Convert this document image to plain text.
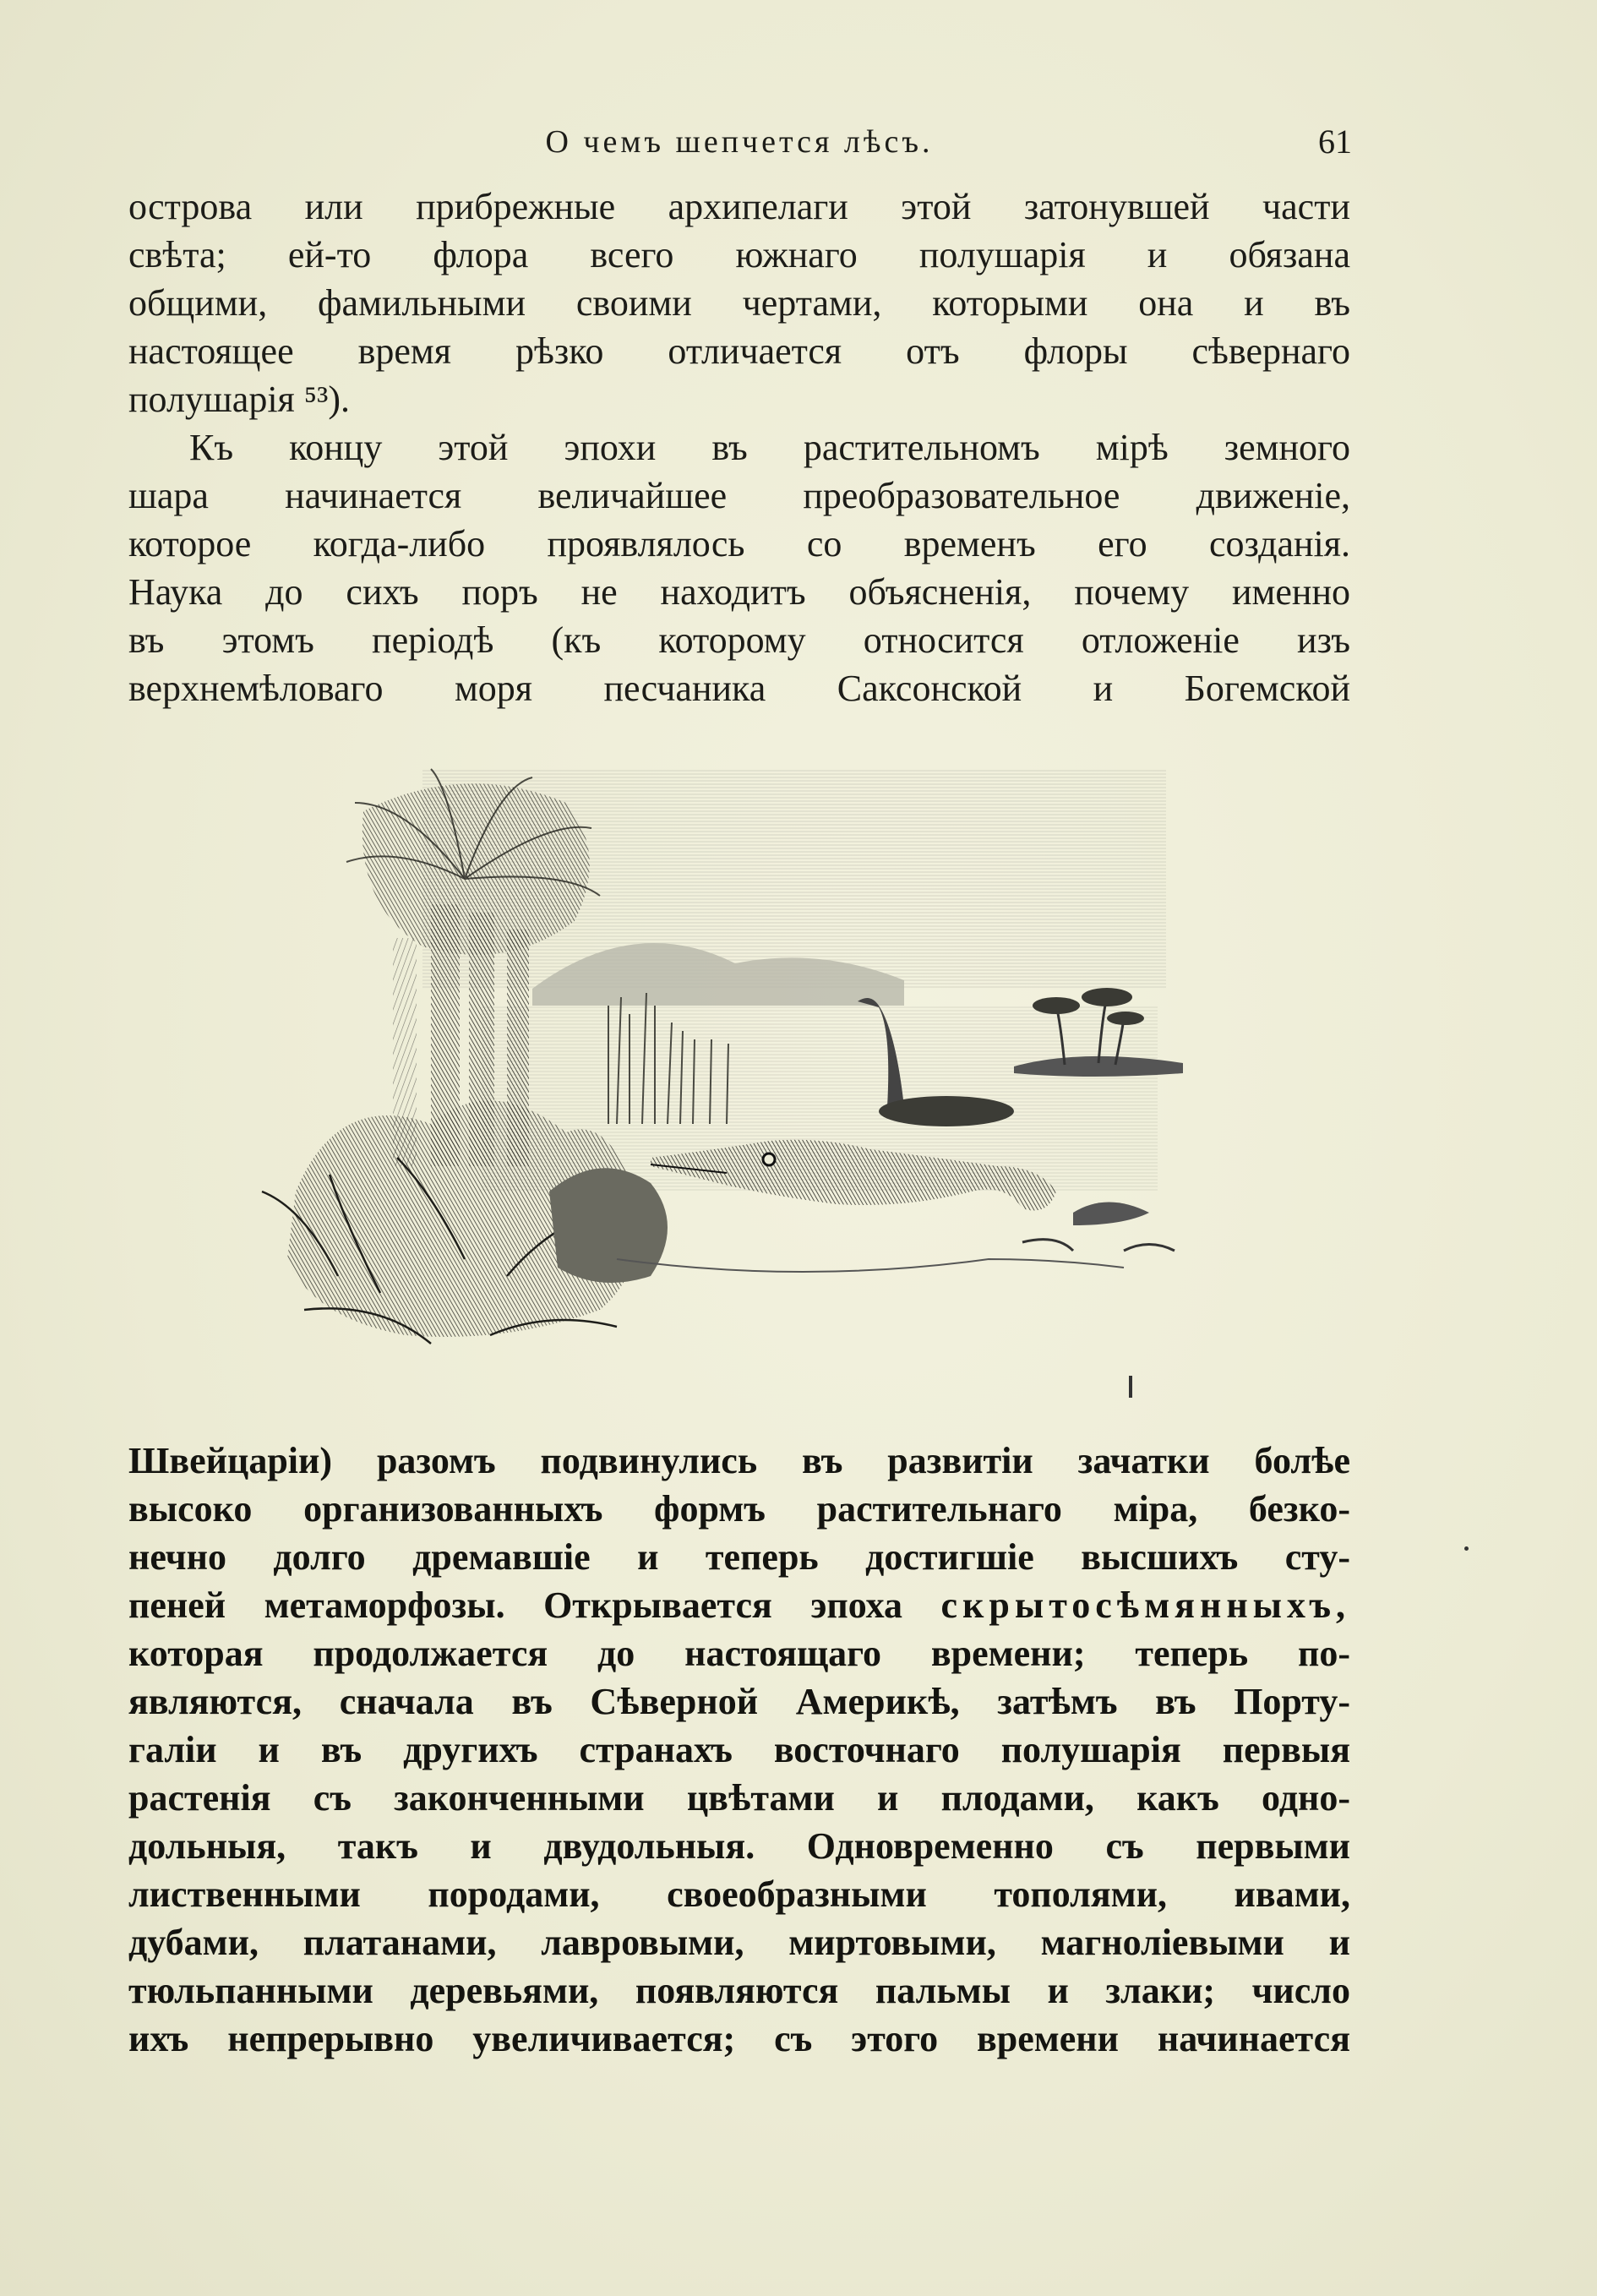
О чемъ шепчется лѣсъ.	61
острова или прибрежные архипелаги этой затонувшей части
свѣта; ей-то флора всего южнаго полушарія и обязана
общими, фамильными своими чертами, которыми она и въ
настоящее время рѣзко отличается отъ флоры сѣвернаго
полушарія ⁵³).
Къ концу этой эпохи въ растительномъ мірѣ земного
шара начинается величайшее преобразовательное движеніе,
которое когда-либо проявлялось со временъ его созданія.
Наука до сихъ поръ не находитъ объясненія, почему именно
въ этомъ періодѣ (къ которому относится отложеніе изъ
верхнемѣловаго моря песчаника Саксонской и Богемской
Швейцаріи) разомъ подвинулись въ развитіи зачатки болѣе
высоко организованныхъ формъ растительнаго міра, безко-
нечно долго дремавшіе и теперь достигшіе высшихъ сту-
пеней метаморфозы. Открывается эпоха скрытосѣмянныхъ,
которая продолжается до настоящаго времени; теперь по-
являются, сначала въ Сѣверной Америкѣ, затѣмъ въ Порту-
галіи и въ другихъ странахъ восточнаго полушарія первыя
растенія съ законченными цвѣтами и плодами, какъ одно-
дольныя, такъ и двудольныя. Одновременно съ первыми
лиственными породами, своеобразными тополями, ивами,
дубами, платанами, лавровыми, миртовыми, магноліевыми и
тюльпанными деревьями, появляются пальмы и злаки; число
ихъ непрерывно увеличивается; съ этого времени начинается
